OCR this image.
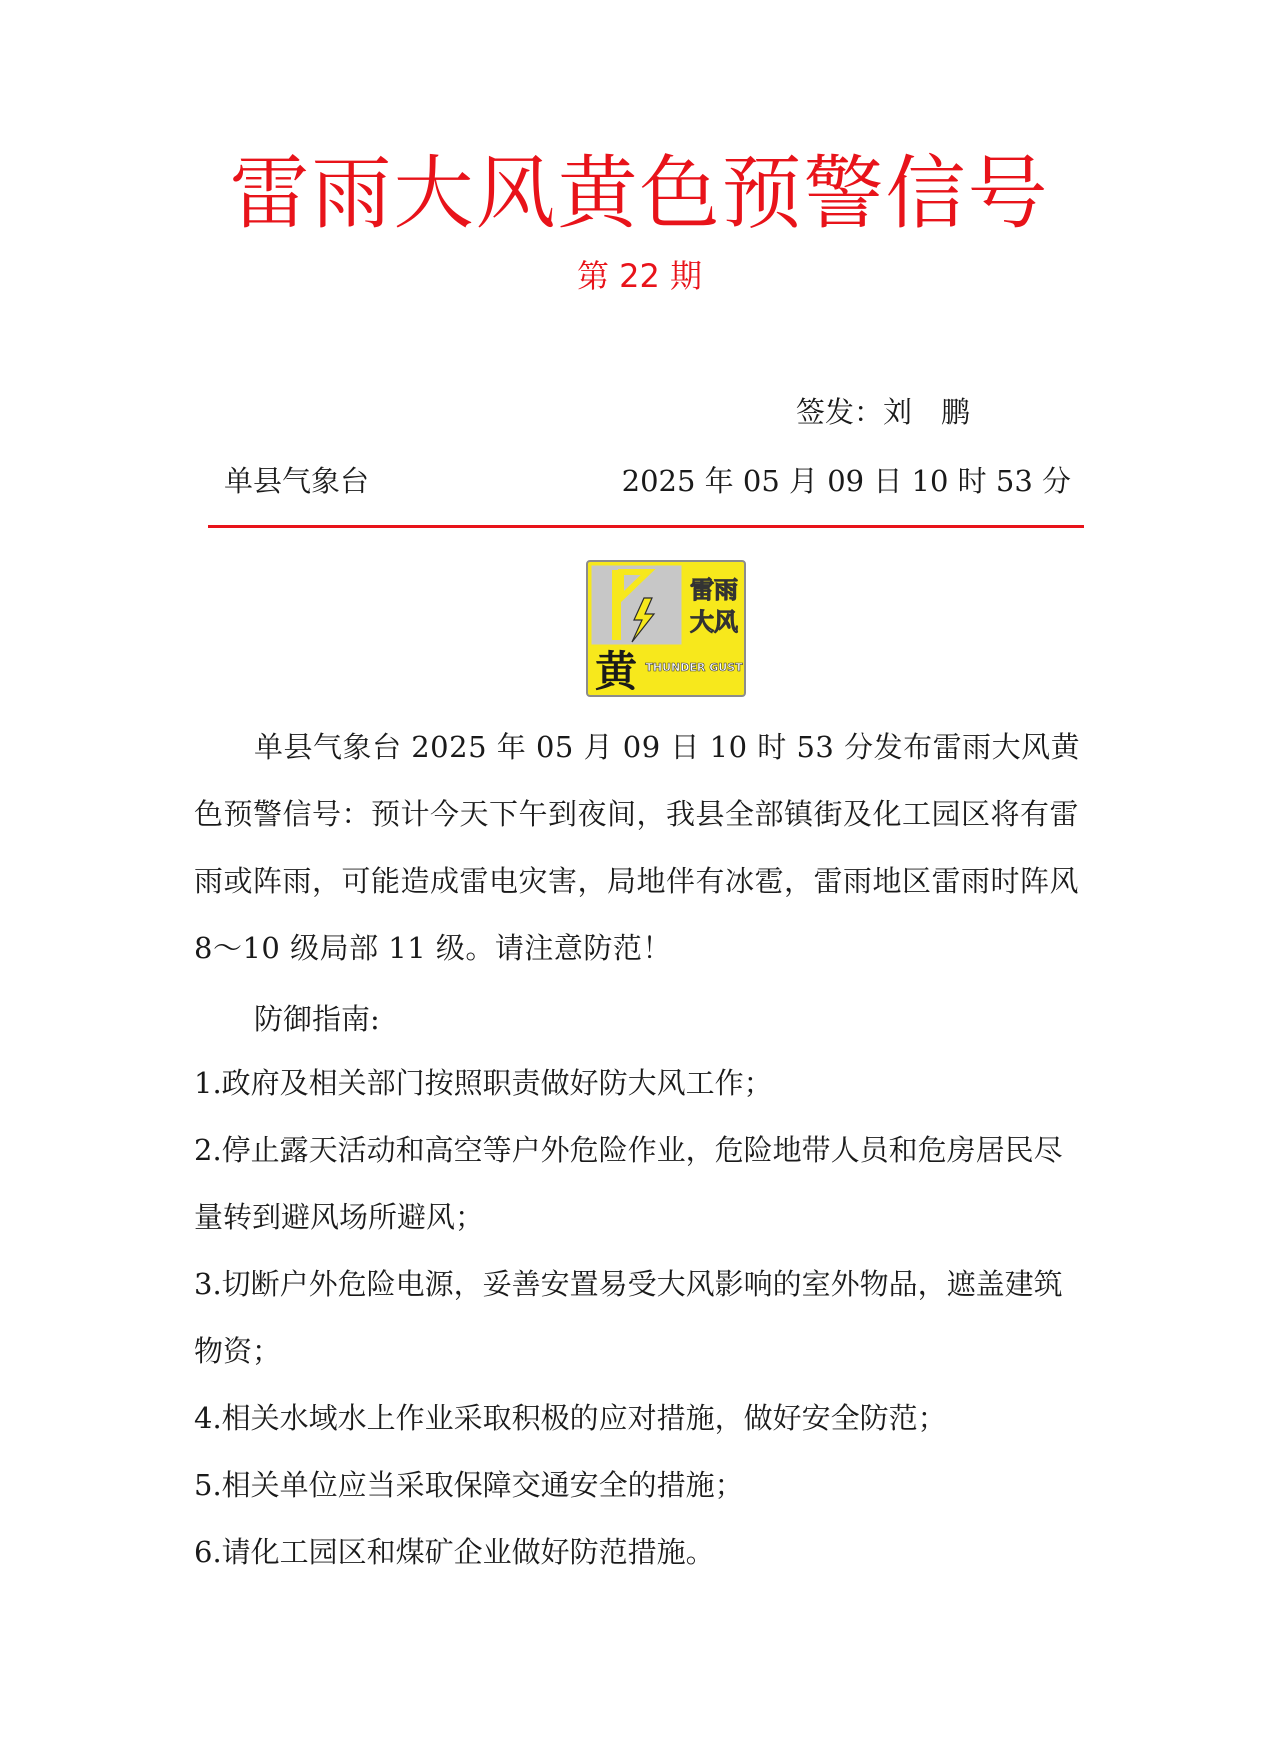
雷雨大风黄色预警信号
第 22 期
签发：刘　鹏
单县气象台	2025 年 05 月 09 日 10 时 53 分
雷雨
大风
黄 THUNDER GUST
单县气象台 2025 年 05 月 09 日 10 时 53 分发布雷雨大风黄色预警信号：预计今天下午到夜间，我县全部镇街及化工园区将有雷雨或阵雨，可能造成雷电灾害，局地伴有冰雹，雷雨地区雷雨时阵风 8～10 级局部 11 级。请注意防范！
防御指南:

1.政府及相关部门按照职责做好防大风工作；

2.停止露天活动和高空等户外危险作业，危险地带人员和危房居民尽量转到避风场所避风；

3.切断户外危险电源，妥善安置易受大风影响的室外物品，遮盖建筑物资；

4.相关水域水上作业采取积极的应对措施，做好安全防范；

5.相关单位应当采取保障交通安全的措施；

6.请化工园区和煤矿企业做好防范措施。
